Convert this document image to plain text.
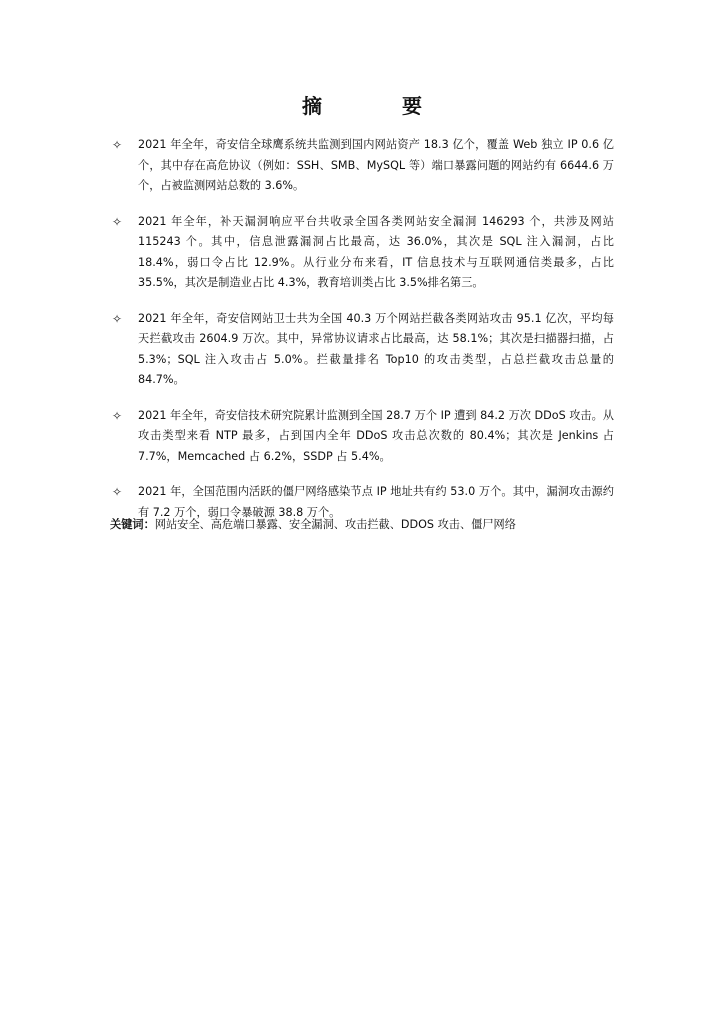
摘　要
✧	2021 年全年，奇安信全球鹰系统共监测到国内网站资产 18.3 亿个，覆盖 Web 独立 IP 0.6 亿个，其中存在高危协议（例如：SSH、SMB、MySQL 等）端口暴露问题的网站约有 6644.6 万个，占被监测网站总数的 3.6%。
✧	2021 年全年，补天漏洞响应平台共收录全国各类网站安全漏洞 146293 个，共涉及网站 115243 个。其中，信息泄露漏洞占比最高，达 36.0%，其次是 SQL 注入漏洞，占比 18.4%，弱口令占比 12.9%。从行业分布来看，IT 信息技术与互联网通信类最多，占比 35.5%，其次是制造业占比 4.3%，教育培训类占比 3.5%排名第三。
✧	2021 年全年，奇安信网站卫士共为全国 40.3 万个网站拦截各类网站攻击 95.1 亿次，平均每天拦截攻击 2604.9 万次。其中，异常协议请求占比最高，达 58.1%；其次是扫描器扫描，占 5.3%；SQL 注入攻击占 5.0%。拦截量排名 Top10 的攻击类型，占总拦截攻击总量的 84.7%。
✧	2021 年全年，奇安信技术研究院累计监测到全国 28.7 万个 IP 遭到 84.2 万次 DDoS 攻击。从攻击类型来看 NTP 最多，占到国内全年 DDoS 攻击总次数的 80.4%；其次是 Jenkins 占 7.7%，Memcached 占 6.2%，SSDP 占 5.4%。
✧	2021 年，全国范围内活跃的僵尸网络感染节点 IP 地址共有约 53.0 万个。其中，漏洞攻击源约有 7.2 万个，弱口令暴破源 38.8 万个。
关键词：网站安全、高危端口暴露、安全漏洞、攻击拦截、DDOS 攻击、僵尸网络
